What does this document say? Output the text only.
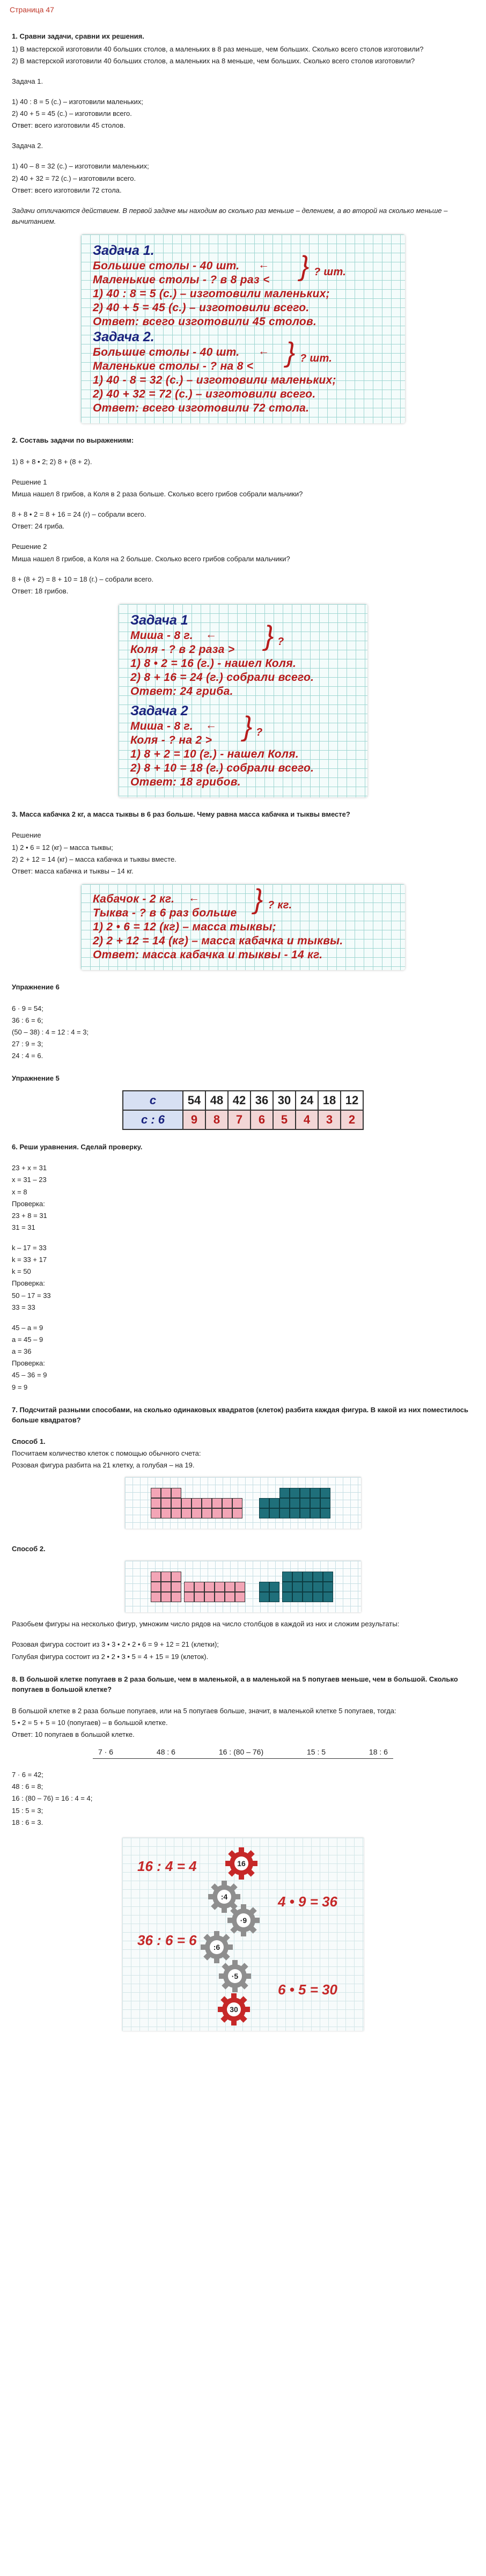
Страница 47
1. Сравни задачи, сравни их решения.
1) В мастерской изготовили 40 больших столов, а маленьких в 8 раз меньше, чем больших. Сколько всего столов изготовили?
2) В мастерской изготовили 40 больших столов, а маленьких на 8 меньше, чем больших. Сколько всего столов изготовили?
Задача 1.
1) 40 : 8 = 5 (с.) – изготовили маленьких;
2) 40 + 5 = 45 (с.) – изготовили всего.
Ответ: всего изготовили 45 столов.
Задача 2.
1) 40 – 8 = 32 (с.) – изготовили маленьких;
2) 40 + 32 = 72 (с.) – изготовили всего.
Ответ: всего изготовили 72 стола.
Задачи отличаются действием. В первой задаче мы находим во сколько раз меньше – делением, а во второй на сколько меньше – вычитанием.
Задача 1.
Большие столы - 40 шт. ←
Маленькие столы - ? в 8 раз < } ? шт.
1) 40 : 8 = 5 (с.) – изготовили маленьких;
2) 40 + 5 = 45 (с.) – изготовили всего.
Ответ: всего изготовили 45 столов.
Задача 2.
Большие столы - 40 шт. ←
Маленькие столы - ? на 8 < } ? шт.
1) 40 - 8 = 32 (с.) – изготовили маленьких;
2) 40 + 32 = 72 (с.) – изготовили всего.
Ответ: всего изготовили 72 стола.
2. Составь задачи по выражениям:
1) 8 + 8 • 2; 2) 8 + (8 + 2).
Решение 1
Миша нашел 8 грибов, а Коля в 2 раза больше. Сколько всего грибов собрали мальчики?
8 + 8 • 2 = 8 + 16 = 24 (г) – собрали всего.
Ответ: 24 гриба.
Решение 2
Миша нашел 8 грибов, а Коля на 2 больше. Сколько всего грибов собрали мальчики?
8 + (8 + 2) = 8 + 10 = 18 (г.) – собрали всего.
Ответ: 18 грибов.
Задача 1
Миша - 8 г. ←
Коля - ? в 2 раза > } ?
1) 8 • 2 = 16 (г.) - нашел Коля.
2) 8 + 16 = 24 (г.) собрали всего.
Ответ: 24 гриба.
Задача 2
Миша - 8 г. ←
Коля - ? на 2 > } ?
1) 8 + 2 = 10 (г.) - нашел Коля.
2) 8 + 10 = 18 (г.) собрали всего.
Ответ: 18 грибов.
3. Масса кабачка 2 кг, а масса тыквы в 6 раз больше. Чему равна масса кабачка и тыквы вместе?
Решение
1) 2 • 6 = 12 (кг) – масса тыквы;
2) 2 + 12 = 14 (кг) – масса кабачка и тыквы вместе.
Ответ: масса кабачка и тыквы – 14 кг.
Кабачок - 2 кг. ←
Тыква - ? в 6 раз больше } ? кг.
1) 2 • 6 = 12 (кг) – масса тыквы;
2) 2 + 12 = 14 (кг) – масса кабачка и тыквы.
Ответ: масса кабачка и тыквы - 14 кг.
Упражнение 6
6 · 9 = 54;
36 : 6 = 6;
(50 – 38) : 4 = 12 : 4 = 3;
27 : 9 = 3;
24 : 4 = 6.
Упражнение 5
c	54	48	42	36	30	24	18	12
c : 6	9	8	7	6	5	4	3	2
6. Реши уравнения. Сделай проверку.
23 + x = 31
x = 31 – 23
x = 8
Проверка:
23 + 8 = 31
31 = 31
k – 17 = 33
k = 33 + 17
k = 50
Проверка:
50 – 17 = 33
33 = 33
45 – a = 9
a = 45 – 9
a = 36
Проверка:
45 – 36 = 9
9 = 9
7. Подсчитай разными способами, на сколько одинаковых квадратов (клеток) разбита каждая фигура. В какой из них поместилось больше квадратов?
Способ 1.
Посчитаем количество клеток с помощью обычного счета:
Розовая фигура разбита на 21 клетку, а голубая – на 19.
Способ 2.
Разобьем фигуры на несколько фигур, умножим число рядов на число столбцов в каждой из них и сложим результаты:
Розовая фигура состоит из 3 • 3 • 2 • 2 • 6 = 9 + 12 = 21 (клетки);
Голубая фигура состоит из 2 • 2 • 3 • 5 = 4 + 15 = 19 (клеток).
8. В большой клетке попугаев в 2 раза больше, чем в маленькой, а в маленькой на 5 попугаев меньше, чем в большой. Сколько попугаев в большой клетке?
В большой клетке в 2 раза больше попугаев, или на 5 попугаев больше, значит, в маленькой клетке 5 попугаев, тогда:
5 • 2 = 5 + 5 = 10 (попугаев) – в большой клетке.
Ответ: 10 попугаев в большой клетке.
7 · 6	48 : 6	16 : (80 – 76)	15 : 5	18 : 6
7 · 6 = 42;
48 : 6 = 8;
16 : (80 – 76) = 16 : 4 = 4;
15 : 5 = 3;
18 : 6 = 3.
16 : 4 = 4
4 • 9 = 36
36 : 6 = 6
6 • 5 = 30
16
:4
·9
:6
·5
30
